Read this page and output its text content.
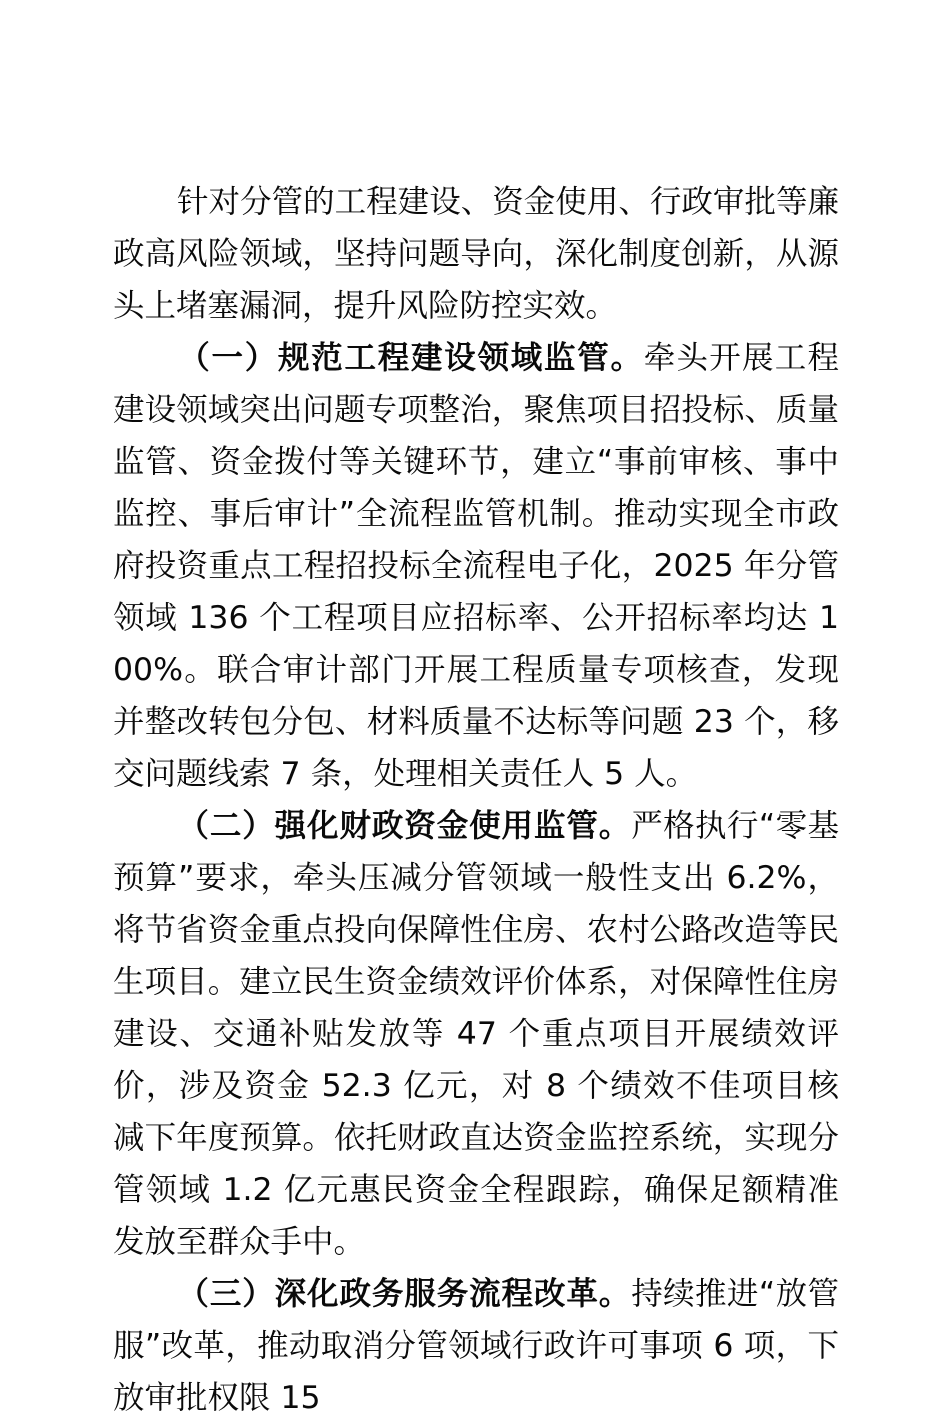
针对分管的工程建设、资金使用、行政审批等廉政高风险领域，坚持问题导向，深化制度创新，从源头上堵塞漏洞，提升风险防控实效。

（一）规范工程建设领域监管。牵头开展工程建设领域突出问题专项整治，聚焦项目招投标、质量监管、资金拨付等关键环节，建立“事前审核、事中监控、事后审计”全流程监管机制。推动实现全市政府投资重点工程招投标全流程电子化，2025 年分管领域 136 个工程项目应招标率、公开招标率均达 100%。联合审计部门开展工程质量专项核查，发现并整改转包分包、材料质量不达标等问题 23 个，移交问题线索 7 条，处理相关责任人 5 人。

（二）强化财政资金使用监管。严格执行“零基预算”要求，牵头压减分管领域一般性支出 6.2%，将节省资金重点投向保障性住房、农村公路改造等民生项目。建立民生资金绩效评价体系，对保障性住房建设、交通补贴发放等 47 个重点项目开展绩效评价，涉及资金 52.3 亿元，对 8 个绩效不佳项目核减下年度预算。依托财政直达资金监控系统，实现分管领域 1.2 亿元惠民资金全程跟踪，确保足额精准发放至群众手中。

（三）深化政务服务流程改革。持续推进“放管服”改革，推动取消分管领域行政许可事项 6 项，下放审批权限 15
